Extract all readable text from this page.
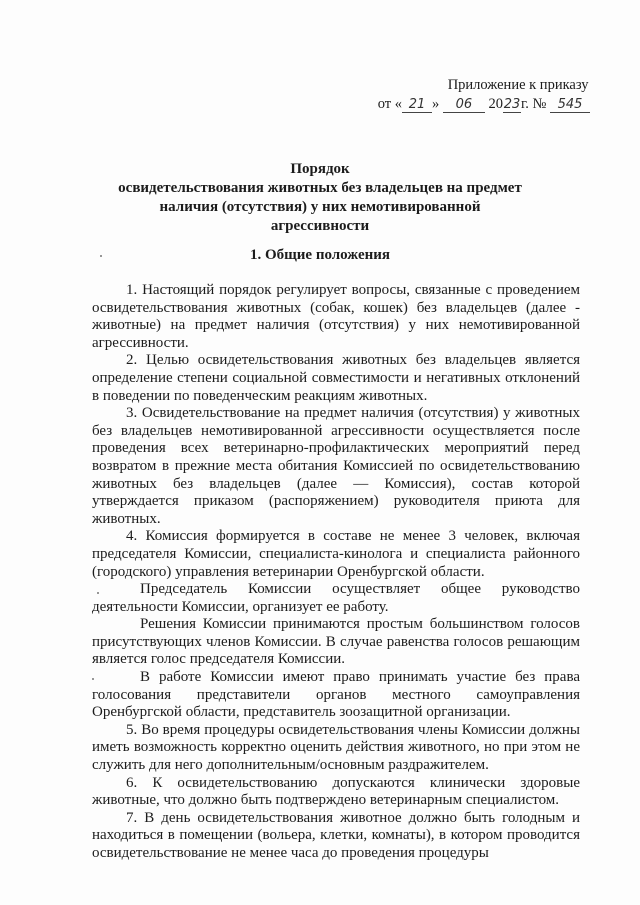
Приложение к приказу
от « 21 » 06 2023г. № 545
Порядок
освидетельствования животных без владельцев на предмет
наличия (отсутствия) у них немотивированной
агрессивности
1. Общие положения

1. Настоящий порядок регулирует вопросы, связанные с проведением освидетельствования животных (собак, кошек) без владельцев (далее - животные) на предмет наличия (отсутствия) у них немотивированной агрессивности.

2. Целью освидетельствования животных без владельцев является определение степени социальной совместимости и негативных отклонений в поведении по поведенческим реакциям животных.

3. Освидетельствование на предмет наличия (отсутствия) у животных без владельцев немотивированной агрессивности осуществляется после проведения всех ветеринарно-профилактических мероприятий перед возвратом в прежние места обитания Комиссией по освидетельствованию животных без владельцев (далее — Комиссия), состав которой утверждается приказом (распоряжением) руководителя приюта для животных.

4. Комиссия формируется в составе не менее 3 человек, включая председателя Комиссии, специалиста-кинолога и специалиста районного (городского) управления ветеринарии Оренбургской области.

Председатель Комиссии осуществляет общее руководство деятельности Комиссии, организует ее работу.

Решения Комиссии принимаются простым большинством голосов присутствующих членов Комиссии. В случае равенства голосов решающим является голос председателя Комиссии.

В работе Комиссии имеют право принимать участие без права голосования представители органов местного самоуправления Оренбургской области, представитель зоозащитной организации.

5. Во время процедуры освидетельствования члены Комиссии должны иметь возможность корректно оценить действия животного, но при этом не служить для него дополнительным/основным раздражителем.

6. К освидетельствованию допускаются клинически здоровые животные, что должно быть подтверждено ветеринарным специалистом.

7. В день освидетельствования животное должно быть голодным и находиться в помещении (вольера, клетки, комнаты), в котором проводится освидетельствование не менее часа до проведения процедуры
